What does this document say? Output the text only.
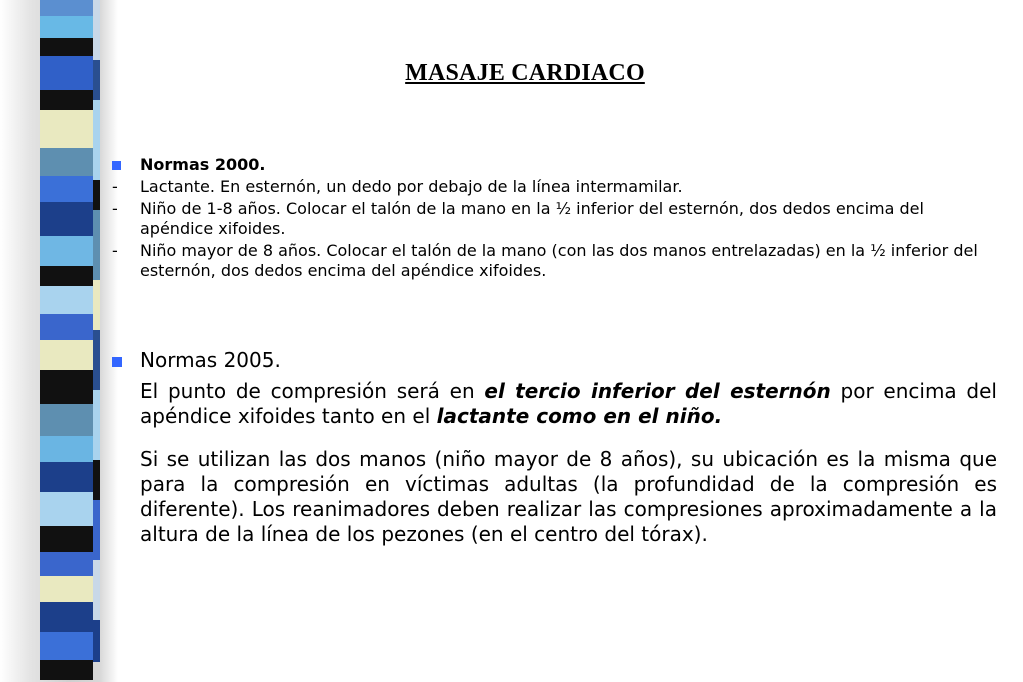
MASAJE CARDIACO
Normas 2000.
-	Lactante. En esternón, un dedo por debajo de la línea intermamilar.
-	Niño de 1-8 años. Colocar el talón de la mano en la ½ inferior del esternón, dos dedos encima del apéndice xifoides.
-	Niño mayor de 8 años. Colocar el talón de la mano (con las dos manos entrelazadas) en la ½ inferior del esternón, dos dedos encima del apéndice xifoides.
Normas 2005.
El punto de compresión será en el tercio inferior del esternón por encima del apéndice xifoides tanto en el lactante como en el niño.
Si se utilizan las dos manos (niño mayor de 8 años), su ubicación es la misma que para la compresión en víctimas adultas (la profundidad de la compresión es diferente). Los reanimadores deben realizar las compresiones aproximadamente a la altura de la línea de los pezones (en el centro del tórax).
